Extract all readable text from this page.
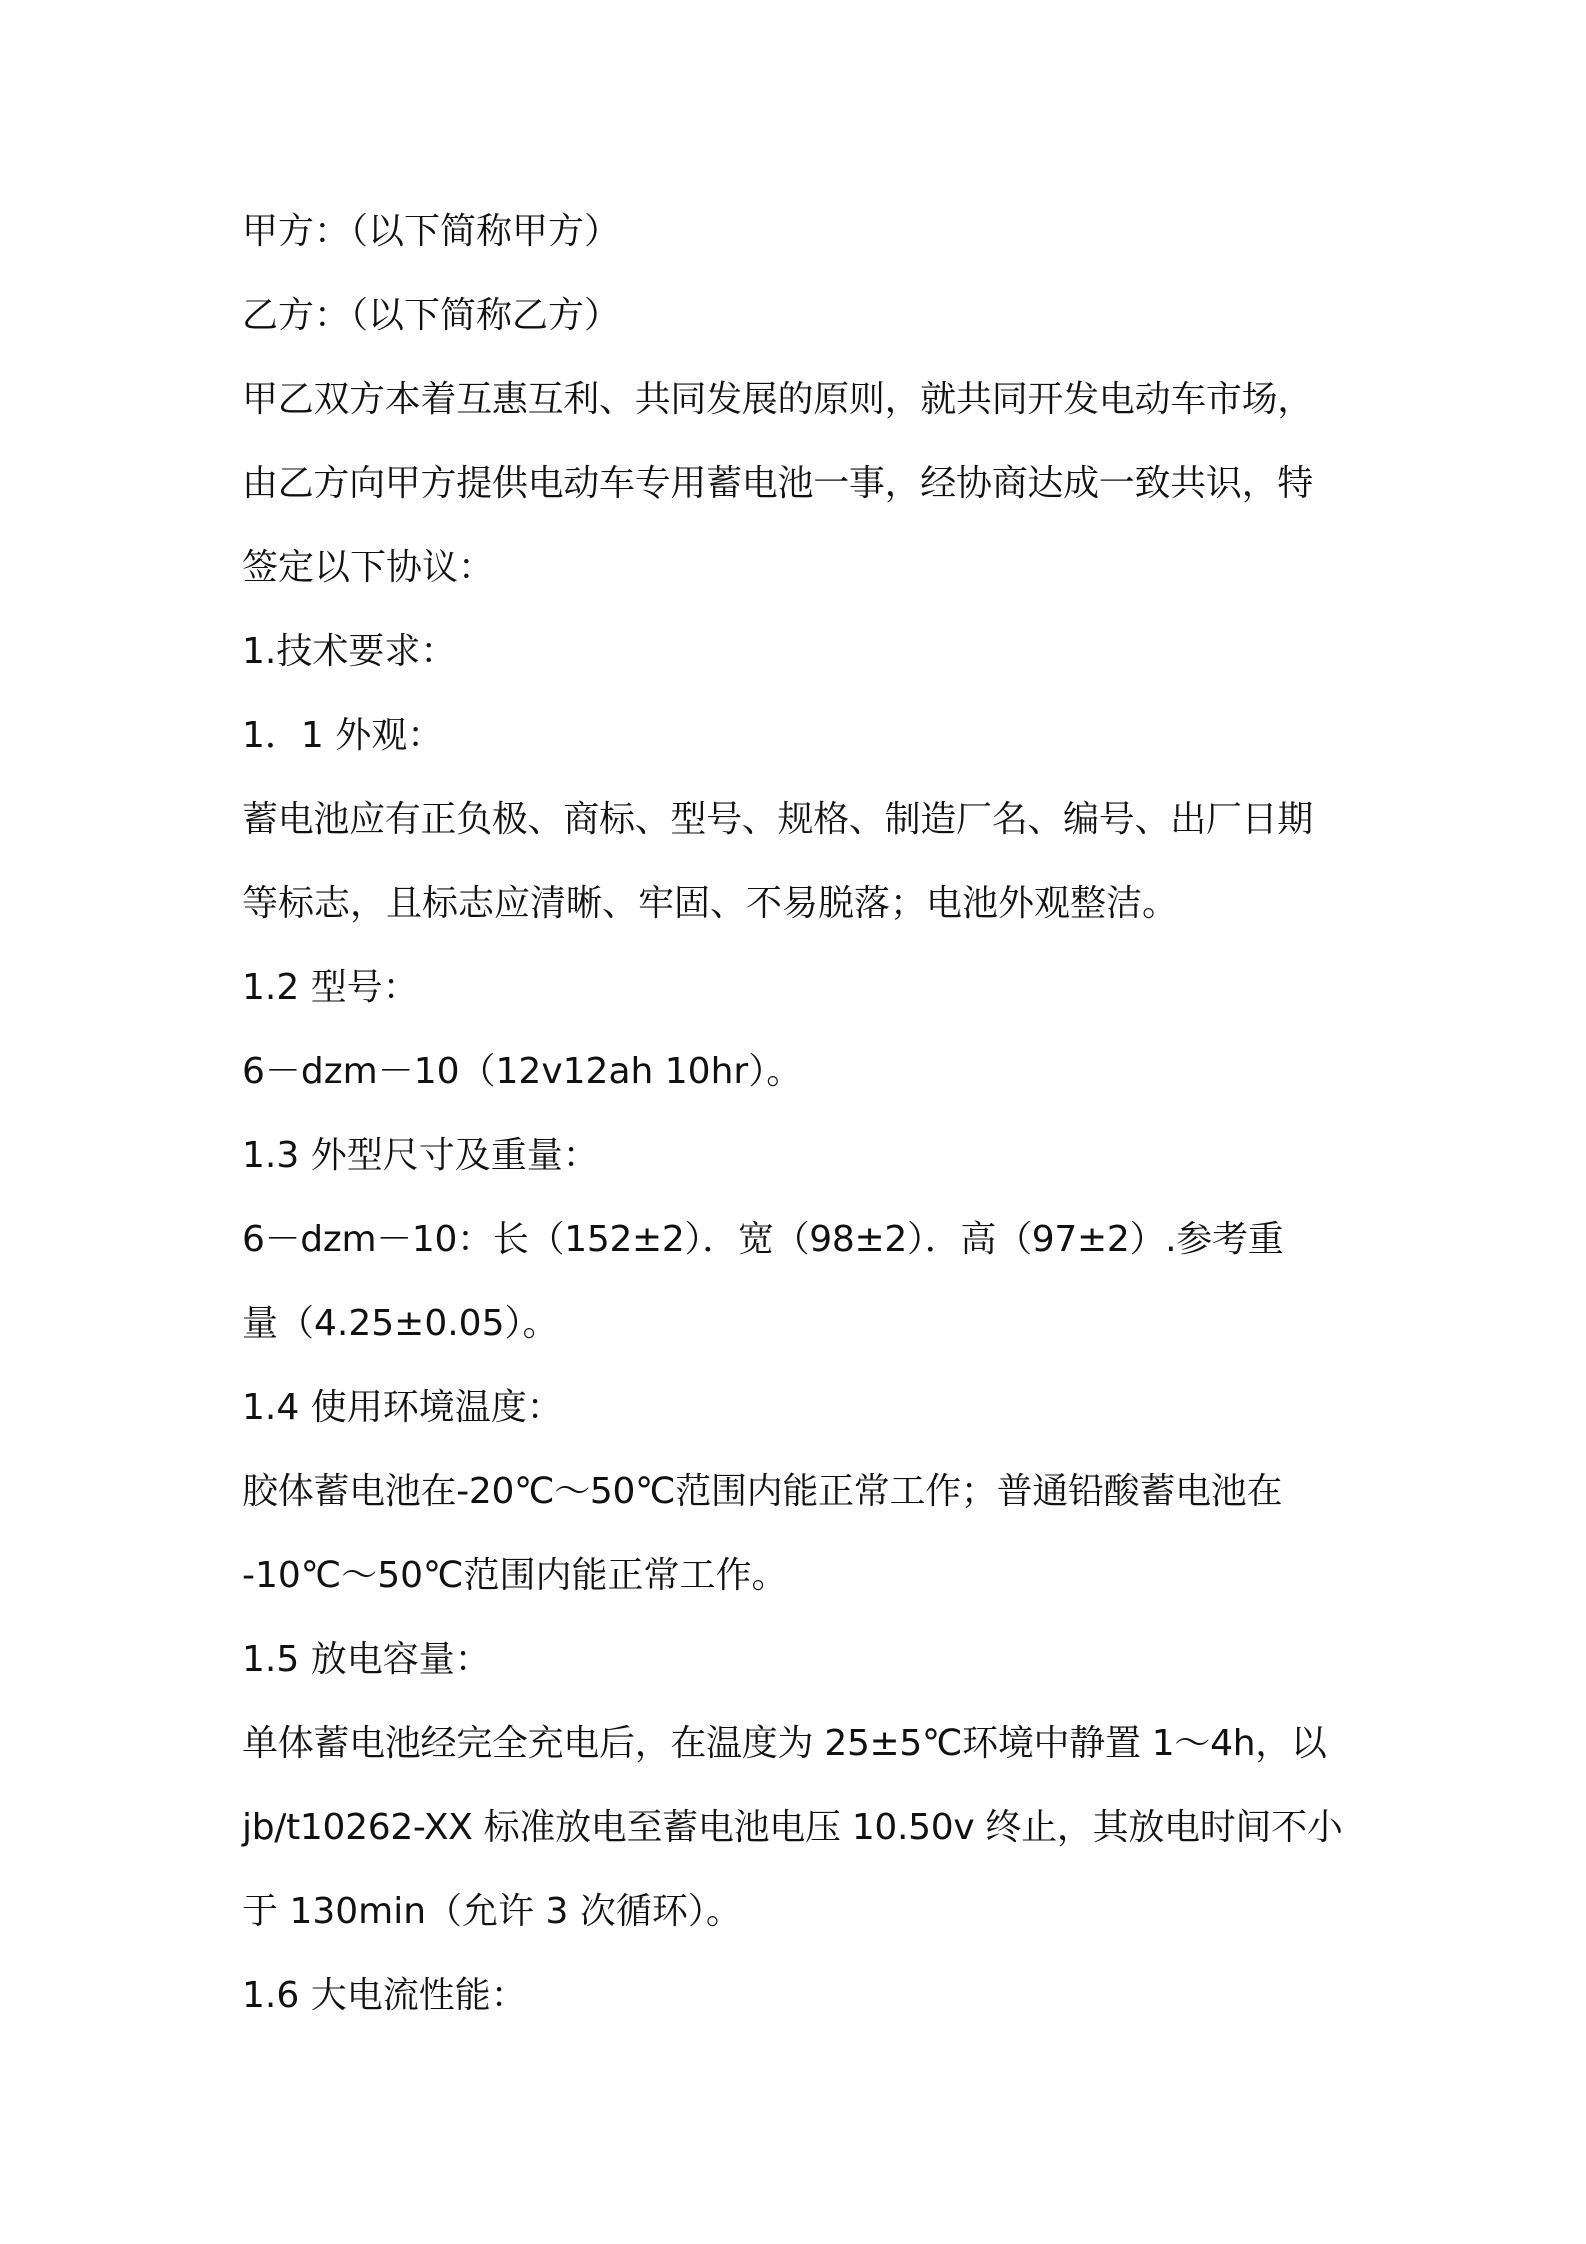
甲方：（以下简称甲方）
乙方：（以下简称乙方）
甲乙双方本着互惠互利、共同发展的原则，就共同开发电动车市场，
由乙方向甲方提供电动车专用蓄电池一事，经协商达成一致共识，特
签定以下协议：
1.技术要求：
1．1 外观：
蓄电池应有正负极、商标、型号、规格、制造厂名、编号、出厂日期
等标志，且标志应清晰、牢固、不易脱落；电池外观整洁。
1.2 型号：
6－dzm－10（12v12ah 10hr）。
1.3 外型尺寸及重量：
6－dzm－10：长（152±2）．宽（98±2）．高（97±2）.参考重
量（4.25±0.05）。
1.4 使用环境温度：
胶体蓄电池在-20℃～50℃范围内能正常工作；普通铅酸蓄电池在
-10℃～50℃范围内能正常工作。
1.5 放电容量：
单体蓄电池经完全充电后，在温度为 25±5℃环境中静置 1～4h，以
jb/t10262-XX 标准放电至蓄电池电压 10.50v 终止，其放电时间不小
于 130min（允许 3 次循环）。
1.6 大电流性能：
